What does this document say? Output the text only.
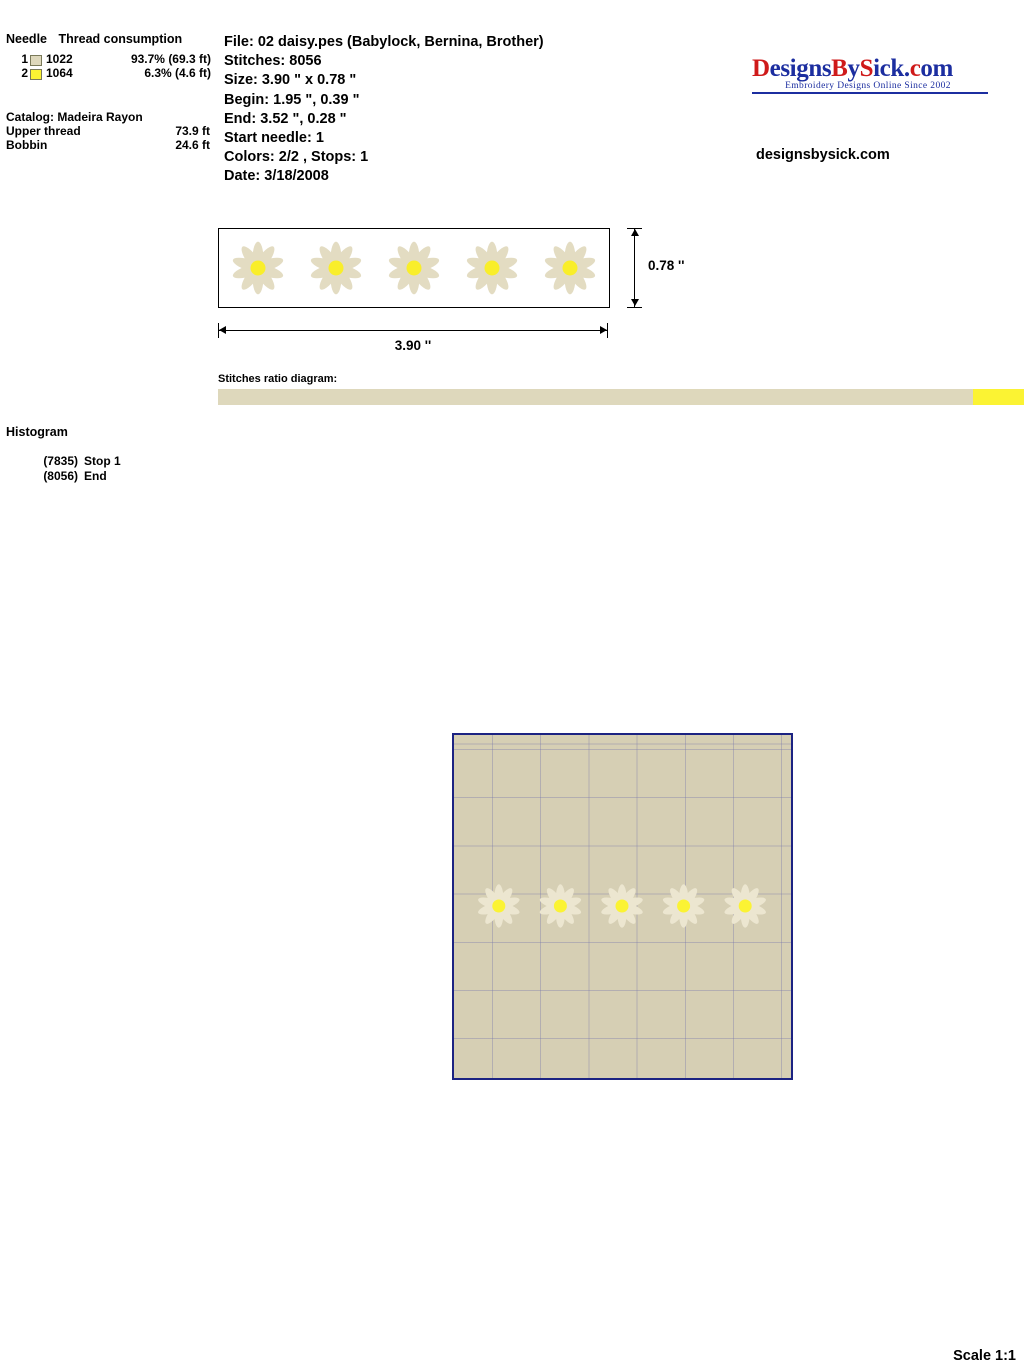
Needle Thread consumption
1 1022	93.7% (69.3 ft)
2 1064	6.3% (4.6 ft)
Catalog: Madeira Rayon
Upper thread	73.9 ft
Bobbin	24.6 ft
File: 02 daisy.pes (Babylock, Bernina, Brother)
Stitches: 8056
Size: 3.90 " x 0.78 "
Begin: 1.95 ", 0.39 "
End: 3.52 ", 0.28 "
Start needle: 1
Colors: 2/2 , Stops: 1
Date: 3/18/2008
DesignsBySick.com
Embroidery Designs Online Since 2002
designsbysick.com
0.78 ''
3.90 ''
Stitches ratio diagram:
Histogram
(7835) Stop 1
(8056) End
Scale 1:1
